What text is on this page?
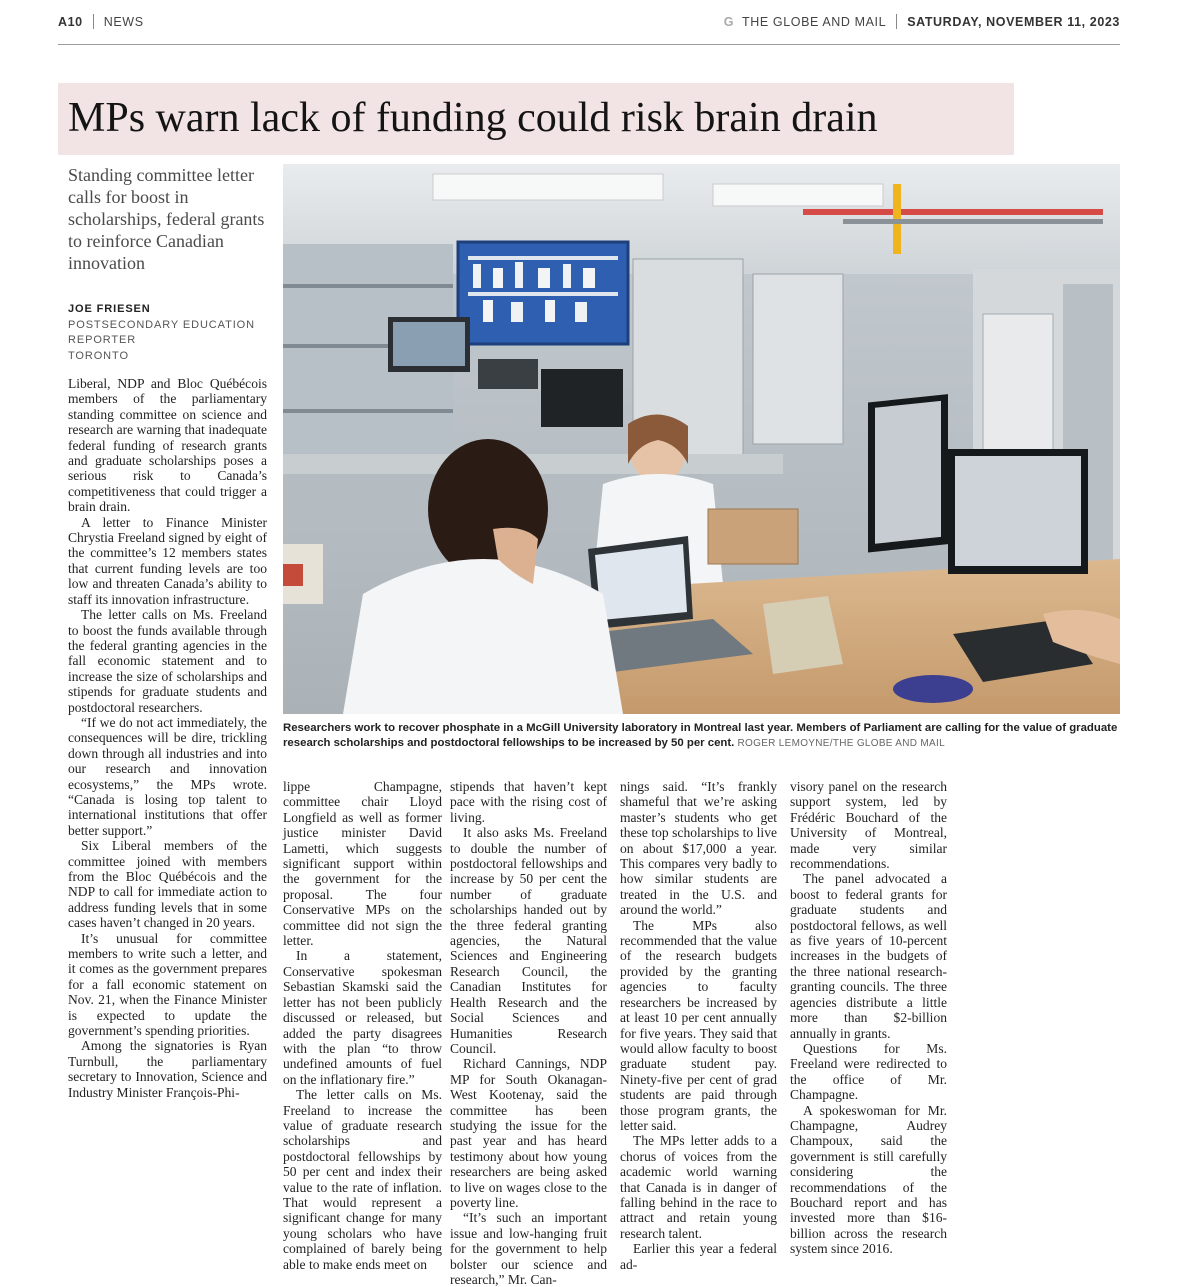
A10 NEWS	G THE GLOBE AND MAIL SATURDAY, NOVEMBER 11, 2023
MPs warn lack of funding could risk brain drain
Standing committee letter calls for boost in scholarships, federal grants to reinforce Canadian innovation
JOE FRIESEN
POSTSECONDARY EDUCATION
REPORTER
TORONTO
Researchers work to recover phosphate in a McGill University laboratory in Montreal last year. Members of Parliament are calling for the value of graduate research scholarships and postdoctoral fellowships to be increased by 50 per cent. ROGER LEMOYNE/THE GLOBE AND MAIL

Liberal, NDP and Bloc Québécois members of the parliamentary standing committee on science and research are warning that inadequate federal funding of research grants and graduate scholarships poses a serious risk to Canada’s competitiveness that could trigger a brain drain.

A letter to Finance Minister Chrystia Freeland signed by eight of the committee’s 12 members states that current funding levels are too low and threaten Canada’s ability to staff its innovation infrastructure.

The letter calls on Ms. Freeland to boost the funds available through the federal granting agencies in the fall economic statement and to increase the size of scholarships and stipends for graduate students and postdoctoral researchers.

“If we do not act immediately, the consequences will be dire, trickling down through all industries and into our research and innovation ecosystems,” the MPs wrote. “Canada is losing top talent to international institutions that offer better support.”

Six Liberal members of the committee joined with members from the Bloc Québécois and the NDP to call for immediate action to address funding levels that in some cases haven’t changed in 20 years.

It’s unusual for committee members to write such a letter, and it comes as the government prepares for a fall economic statement on Nov. 21, when the Finance Minister is expected to update the government’s spending priorities.

Among the signatories is Ryan Turnbull, the parliamentary secretary to Innovation, Science and Industry Minister François-Phi-

lippe Champagne, committee chair Lloyd Longfield as well as former justice minister David Lametti, which suggests significant support within the government for the proposal. The four Conservative MPs on the committee did not sign the letter.

In a statement, Conservative spokesman Sebastian Skamski said the letter has not been publicly discussed or released, but added the party disagrees with the plan “to throw undefined amounts of fuel on the inflationary fire.”

The letter calls on Ms. Freeland to increase the value of graduate research scholarships and postdoctoral fellowships by 50 per cent and index their value to the rate of inflation. That would represent a significant change for many young scholars who have complained of barely being able to make ends meet on

stipends that haven’t kept pace with the rising cost of living.

It also asks Ms. Freeland to double the number of postdoctoral fellowships and increase by 50 per cent the number of graduate scholarships handed out by the three federal granting agencies, the Natural Sciences and Engineering Research Council, the Canadian Institutes for Health Research and the Social Sciences and Humanities Research Council.

Richard Cannings, NDP MP for South Okanagan-West Kootenay, said the committee has been studying the issue for the past year and has heard testimony about how young researchers are being asked to live on wages close to the poverty line.

“It’s such an important issue and low-hanging fruit for the government to help bolster our science and research,” Mr. Can-

nings said. “It’s frankly shameful that we’re asking master’s students who get these top scholarships to live on about $17,000 a year. This compares very badly to how similar students are treated in the U.S. and around the world.”

The MPs also recommended that the value of the research budgets provided by the granting agencies to faculty researchers be increased by at least 10 per cent annually for five years. They said that would allow faculty to boost graduate student pay. Ninety-five per cent of grad students are paid through those program grants, the letter said.

The MPs letter adds to a chorus of voices from the academic world warning that Canada is in danger of falling behind in the race to attract and retain young research talent.

Earlier this year a federal ad-

visory panel on the research support system, led by Frédéric Bouchard of the University of Montreal, made very similar recommendations.

The panel advocated a boost to federal grants for graduate students and postdoctoral fellows, as well as five years of 10-percent increases in the budgets of the three national research-granting councils. The three agencies distribute a little more than $2-billion annually in grants.

Questions for Ms. Freeland were redirected to the office of Mr. Champagne.

A spokeswoman for Mr. Champagne, Audrey Champoux, said the government is still carefully considering the recommendations of the Bouchard report and has invested more than $16-billion across the research system since 2016.
